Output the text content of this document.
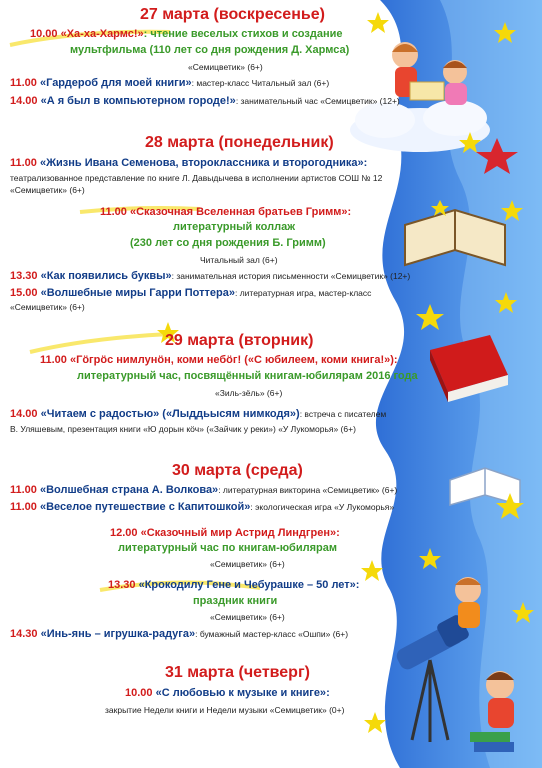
27 марта (воскресенье)
10.00 «Ха-ха-Хармс!»: чтение веселых стихов и создание
мультфильма (110 лет со дня рождения Д. Хармса)
«Семицветик» (6+)
11.00 «Гардероб для моей книги»: мастер-класс Читальный зал (6+)
14.00 «А я был в компьютерном городе!»: занимательный час «Семицветик» (12+)
28 марта (понедельник)
11.00 «Жизнь Ивана Семенова, второклассника и второгодника»:
театрализованное представление по книге Л. Давыдычева в исполнении артистов СОШ № 12
«Семицветик» (6+)
11.00 «Сказочная Вселенная братьев Гримм»:
литературный коллаж
(230 лет со дня рождения Б. Гримм)
Читальный зал (6+)
13.30 «Как появились буквы»: занимательная история письменности «Семицветик» (12+)
15.00 «Волшебные миры Гарри Поттера»: литературная игра, мастер-класс
«Семицветик» (6+)
29 марта (вторник)
11.00 «Гӧгрӧс нимлунӧн, коми небӧг! («С юбилеем, коми книга!»):
литературный час, посвящённый книгам-юбилярам 2016 года
«Зиль-зёль» (6+)
14.00 «Читаем с радостью» («Лыддьысям нимкодя»): встреча с писателем
В. Уляшевым, презентация книги «Ю дорын кӧч» («Зайчик у реки») «У Лукоморья» (6+)
30 марта (среда)
11.00 «Волшебная страна А. Волкова»: литературная викторина «Семицветик» (6+)
11.00 «Веселое путешествие с Капитошкой»: экологическая игра «У Лукоморья»
12.00 «Сказочный мир Астрид Линдгрен»:
литературный час по книгам-юбилярам
«Семицветик» (6+)
13.30 «Крокодилу Гене и Чебурашке – 50 лет»:
праздник книги
«Семицветик» (6+)
14.30 «Инь-янь – игрушка-радуга»: бумажный мастер-класс «Ошпи» (6+)
31 марта (четверг)
10.00 «С любовью к музыке и книге»:
закрытие Недели книги и Недели музыки «Семицветик» (0+)
